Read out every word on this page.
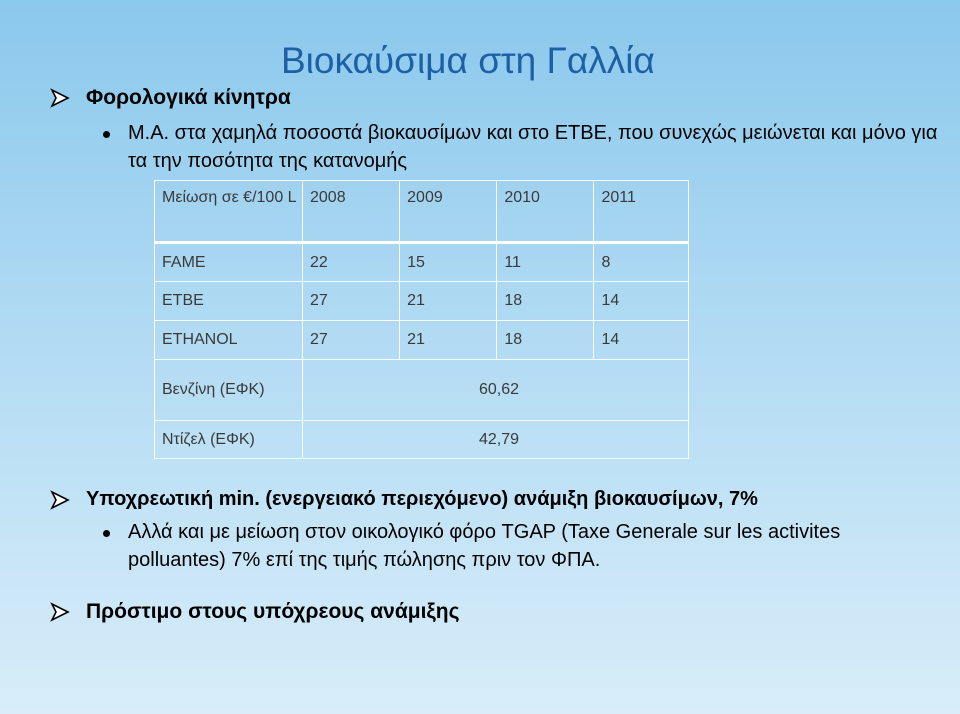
Βιοκαύσιμα στη Γαλλία
Φορολογικά κίνητρα
Μ.Α. στα χαμηλά ποσοστά βιοκαυσίμων και στο ETBE, που συνεχώς μειώνεται και μόνο για τα την ποσότητα της κατανομής
Μείωση σε €/100 L	2008	2009	2010	2011
FAME	22	15	11	8
ETBE	27	21	18	14
ETHANOL	27	21	18	14
Βενζίνη (ΕΦΚ)	60,62			
Ντίζελ (ΕΦΚ)	42,79			
Υποχρεωτική min. (ενεργειακό περιεχόμενο) ανάμιξη βιοκαυσίμων, 7%
Αλλά και με μείωση στον οικολογικό φόρο TGAP (Taxe Generale sur les activites polluantes) 7% επί της τιμής πώλησης πριν τον ΦΠΑ.
Πρόστιμο στους υπόχρεους ανάμιξης
